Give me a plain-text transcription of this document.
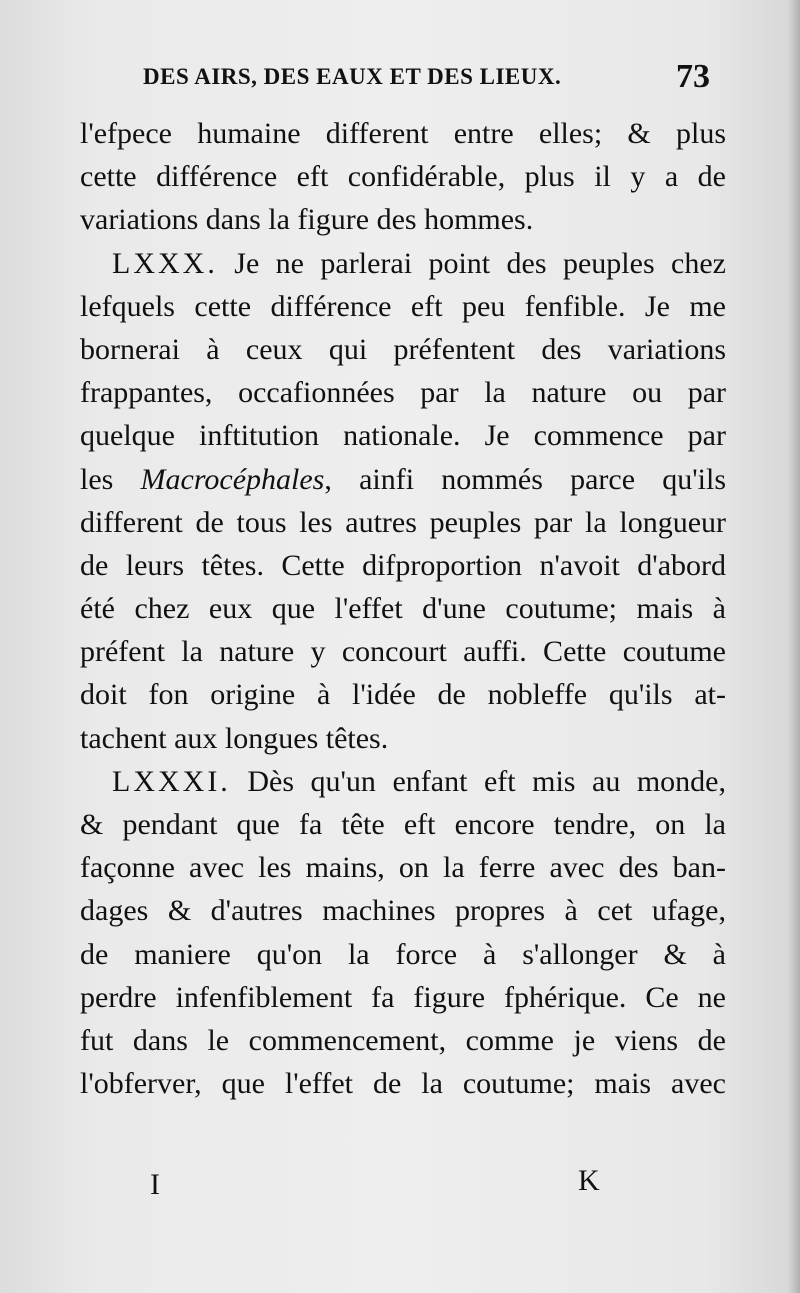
DES AIRS, DES EAUX ET DES LIEUX.	73
l'efpece humaine different entre elles; & plus
cette différence eft confidérable, plus il y a de
variations dans la figure des hommes.
LXXX. Je ne parlerai point des peuples chez
lefquels cette différence eft peu fenfible. Je me
bornerai à ceux qui préfentent des variations
frappantes, occafionnées par la nature ou par
quelque inftitution nationale. Je commence par
les Macrocéphales, ainfi nommés parce qu'ils
different de tous les autres peuples par la longueur
de leurs têtes. Cette difproportion n'avoit d'abord
été chez eux que l'effet d'une coutume; mais à
préfent la nature y concourt auffi. Cette coutume
doit fon origine à l'idée de nobleffe qu'ils at-
tachent aux longues têtes.
LXXXI. Dès qu'un enfant eft mis au monde,
& pendant que fa tête eft encore tendre, on la
façonne avec les mains, on la ferre avec des ban-
dages & d'autres machines propres à cet ufage,
de maniere qu'on la force à s'allonger & à
perdre infenfiblement fa figure fphérique. Ce ne
fut dans le commencement, comme je viens de
l'obferver, que l'effet de la coutume; mais avec
I	K
